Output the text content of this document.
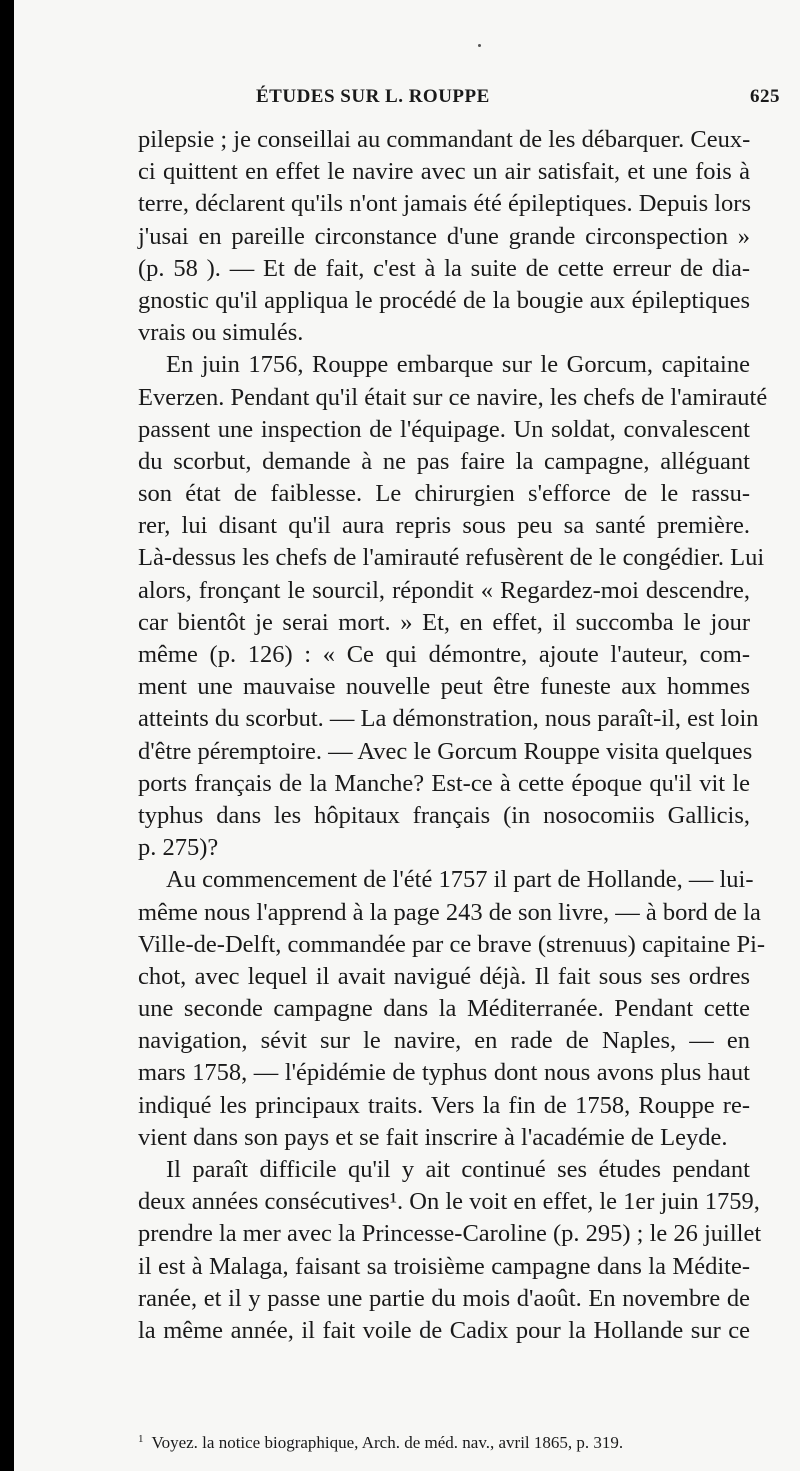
ÉTUDES SUR L. ROUPPE	625
pilepsie ; je conseillai au commandant de les débarquer. Ceux-
ci quittent en effet le navire avec un air satisfait, et une fois à
terre, déclarent qu'ils n'ont jamais été épileptiques. Depuis lors
j'usai en pareille circonstance d'une grande circonspection »
(p. 58 ). — Et de fait, c'est à la suite de cette erreur de dia-
gnostic qu'il appliqua le procédé de la bougie aux épileptiques
vrais ou simulés.
En juin 1756, Rouppe embarque sur le Gorcum, capitaine
Everzen. Pendant qu'il était sur ce navire, les chefs de l'amirauté
passent une inspection de l'équipage. Un soldat, convalescent
du scorbut, demande à ne pas faire la campagne, alléguant
son état de faiblesse. Le chirurgien s'efforce de le rassu-
rer, lui disant qu'il aura repris sous peu sa santé première.
Là-dessus les chefs de l'amirauté refusèrent de le congédier. Lui
alors, fronçant le sourcil, répondit « Regardez-moi descendre,
car bientôt je serai mort. » Et, en effet, il succomba le jour
même (p. 126) : « Ce qui démontre, ajoute l'auteur, com-
ment une mauvaise nouvelle peut être funeste aux hommes
atteints du scorbut. — La démonstration, nous paraît-il, est loin
d'être péremptoire. — Avec le Gorcum Rouppe visita quelques
ports français de la Manche? Est-ce à cette époque qu'il vit le
typhus dans les hôpitaux français (in nosocomiis Gallicis,
p. 275)?
Au commencement de l'été 1757 il part de Hollande, — lui-
même nous l'apprend à la page 243 de son livre, — à bord de la
Ville-de-Delft, commandée par ce brave (strenuus) capitaine Pi-
chot, avec lequel il avait navigué déjà. Il fait sous ses ordres
une seconde campagne dans la Méditerranée. Pendant cette
navigation, sévit sur le navire, en rade de Naples, — en
mars 1758, — l'épidémie de typhus dont nous avons plus haut
indiqué les principaux traits. Vers la fin de 1758, Rouppe re-
vient dans son pays et se fait inscrire à l'académie de Leyde.
Il paraît difficile qu'il y ait continué ses études pendant
deux années consécutives¹. On le voit en effet, le 1er juin 1759,
prendre la mer avec la Princesse-Caroline (p. 295) ; le 26 juillet
il est à Malaga, faisant sa troisième campagne dans la Médite-
ranée, et il y passe une partie du mois d'août. En novembre de
la même année, il fait voile de Cadix pour la Hollande sur ce
$^1$ Voyez. la notice biographique, Arch. de méd. nav., avril 1865, p. 319.
